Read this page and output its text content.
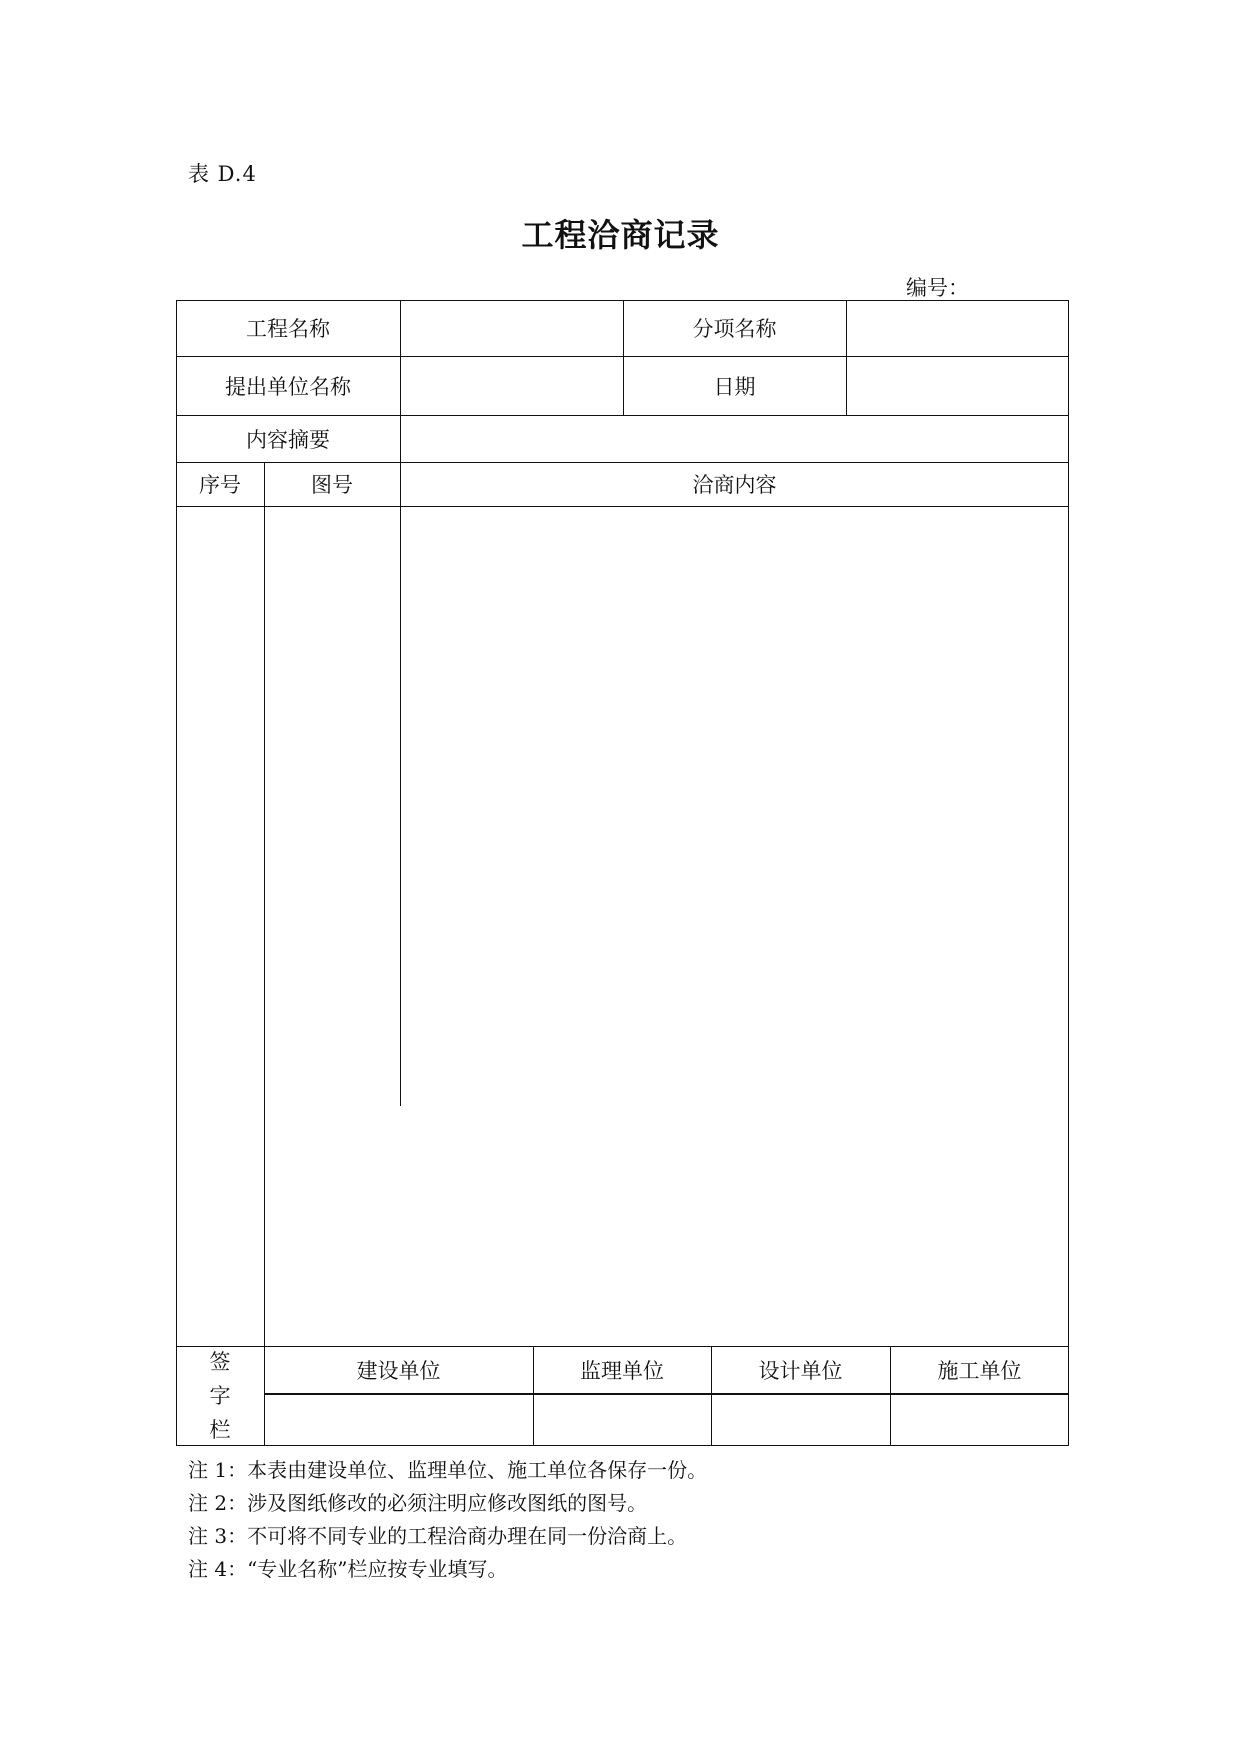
表 D.4
工程洽商记录
编号：
工程名称	分项名称
提出单位名称	日期
内容摘要
序号	图号	洽商内容
签
字
栏
建设单位	监理单位	设计单位	施工单位
注 1：本表由建设单位、监理单位、施工单位各保存一份。
注 2：涉及图纸修改的必须注明应修改图纸的图号。
注 3：不可将不同专业的工程洽商办理在同一份洽商上。
注 4：“专业名称”栏应按专业填写。
